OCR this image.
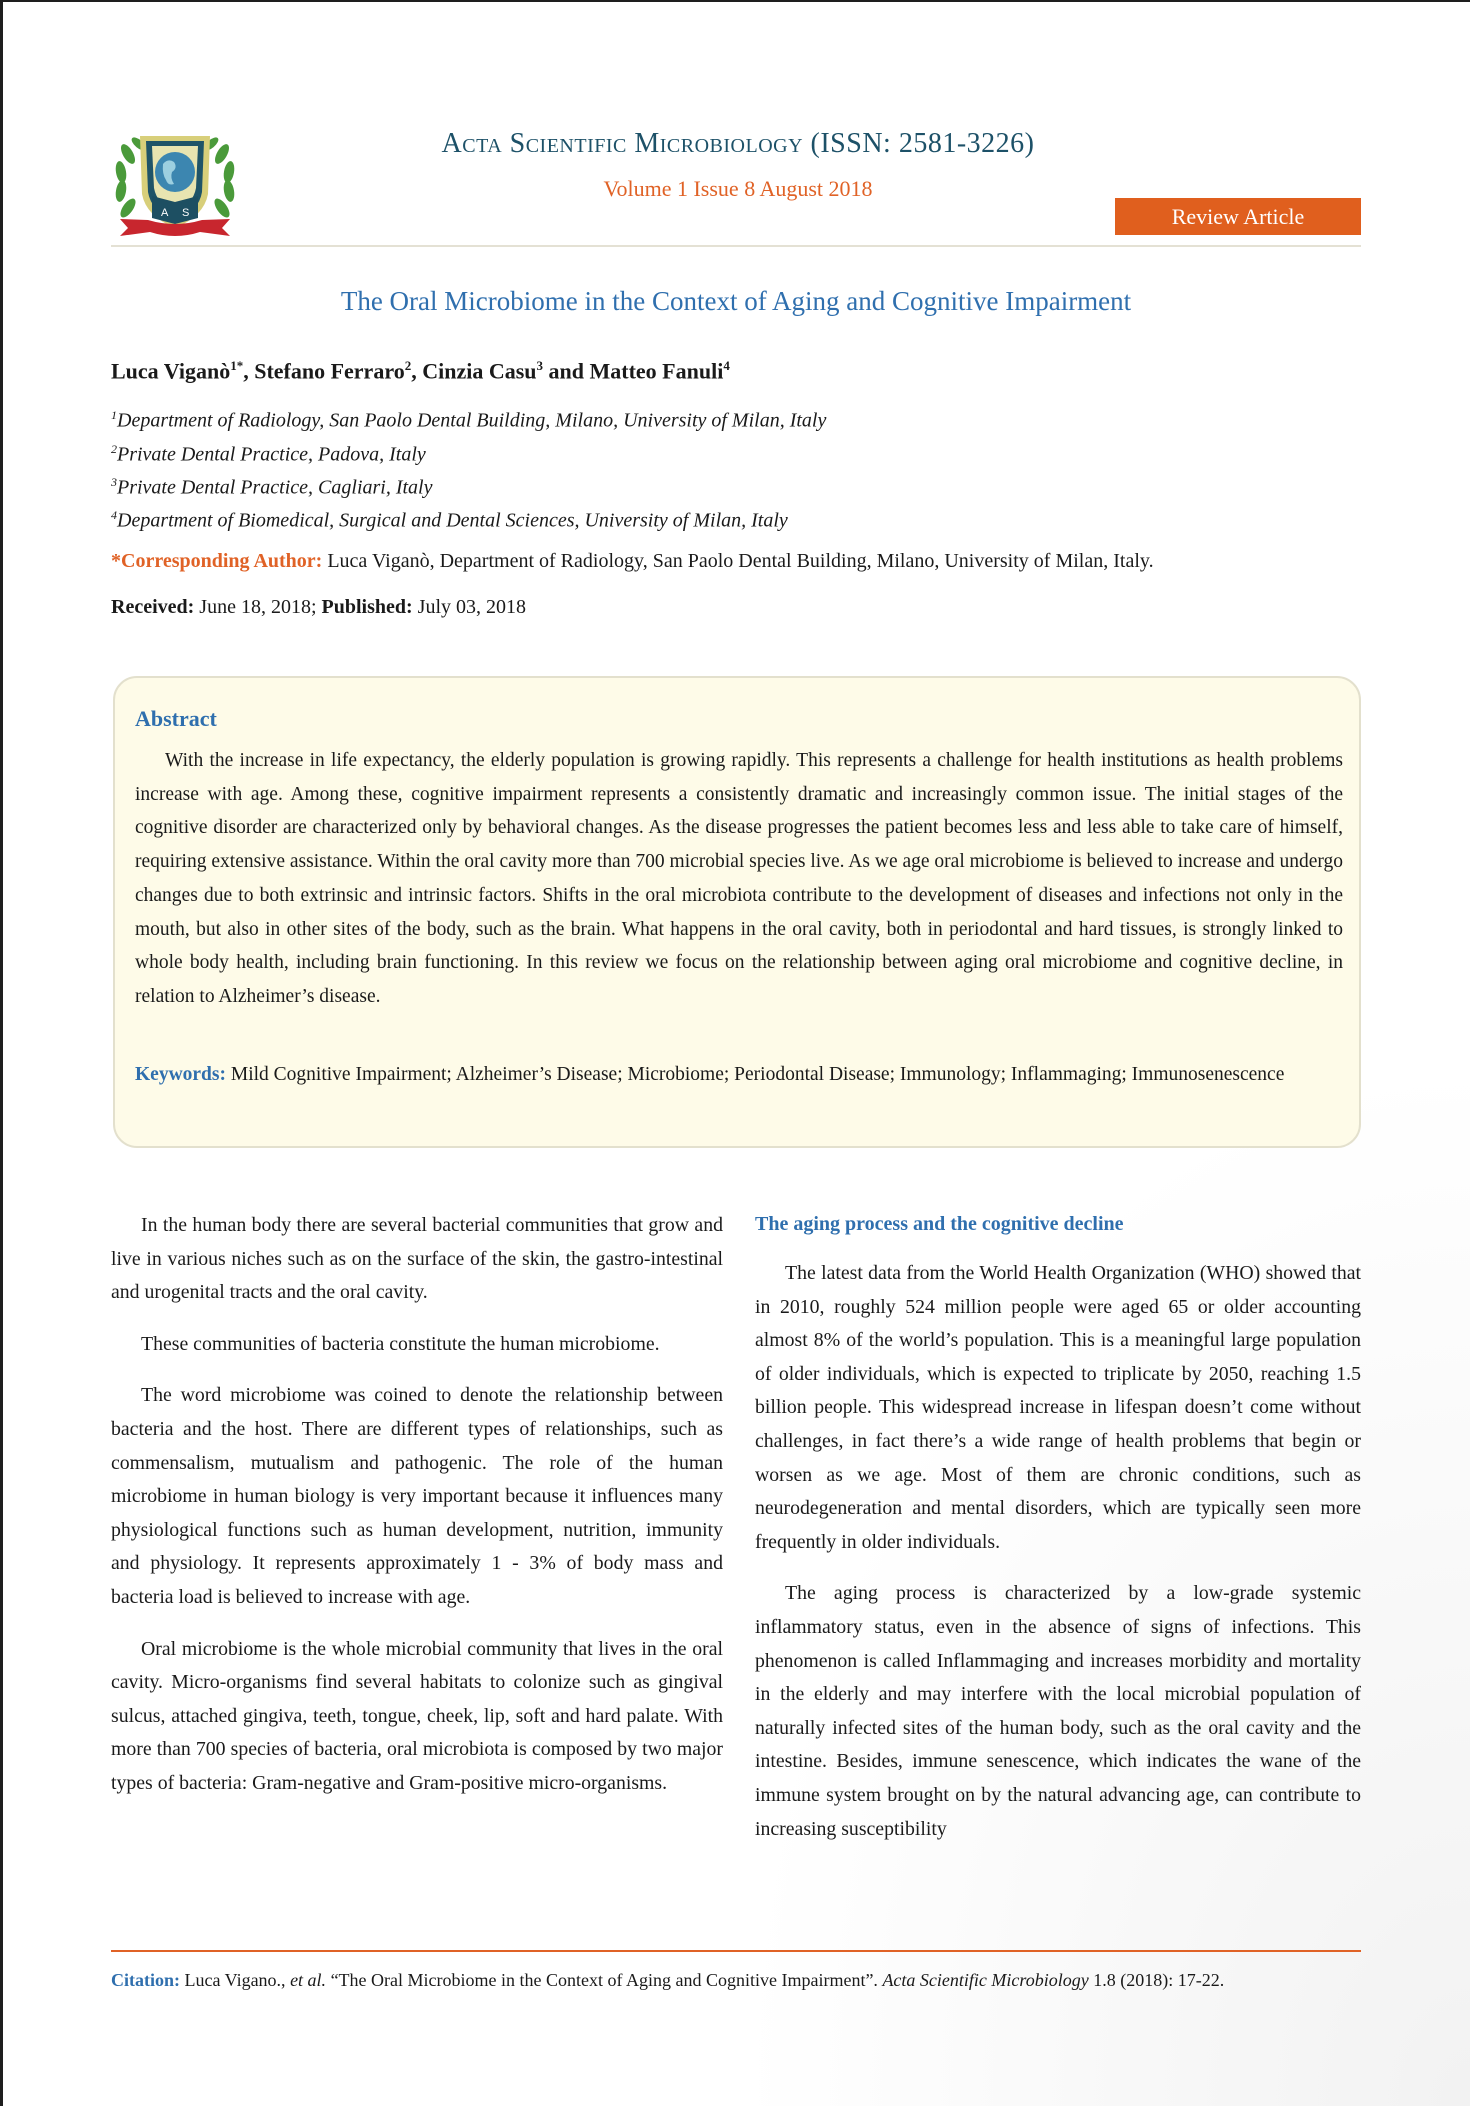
A S
Acta Scientific Microbiology (ISSN: 2581-3226)
Volume 1 Issue 8 August 2018
Review Article
The Oral Microbiome in the Context of Aging and Cognitive Impairment
Luca Viganò$^{1*}$, Stefano Ferraro$^2$, Cinzia Casu$^3$ and Matteo Fanuli$^4$
$^1$Department of Radiology, San Paolo Dental Building, Milano, University of Milan, Italy
$^2$Private Dental Practice, Padova, Italy
$^3$Private Dental Practice, Cagliari, Italy
$^4$Department of Biomedical, Surgical and Dental Sciences, University of Milan, Italy
*Corresponding Author: Luca Viganò, Department of Radiology, San Paolo Dental Building, Milano, University of Milan, Italy.
Received: June 18, 2018; Published: July 03, 2018
Abstract
With the increase in life expectancy, the elderly population is growing rapidly. This represents a challenge for health institutions as health problems increase with age. Among these, cognitive impairment represents a consistently dramatic and increasingly common issue. The initial stages of the cognitive disorder are characterized only by behavioral changes. As the disease progresses the patient becomes less and less able to take care of himself, requiring extensive assistance. Within the oral cavity more than 700 microbial species live. As we age oral microbiome is believed to increase and undergo changes due to both extrinsic and intrinsic factors. Shifts in the oral microbiota contribute to the development of diseases and infections not only in the mouth, but also in other sites of the body, such as the brain. What happens in the oral cavity, both in periodontal and hard tissues, is strongly linked to whole body health, including brain functioning. In this review we focus on the relationship between aging oral microbiome and cognitive decline, in relation to Alzheimer’s disease.
Keywords: Mild Cognitive Impairment; Alzheimer’s Disease; Microbiome; Periodontal Disease; Immunology; Inflammaging; Immunosenescence

In the human body there are several bacterial communities that grow and live in various niches such as on the surface of the skin, the gastro-intestinal and urogenital tracts and the oral cavity.

These communities of bacteria constitute the human microbiome.

The word microbiome was coined to denote the relationship between bacteria and the host. There are different types of relationships, such as commensalism, mutualism and pathogenic. The role of the human microbiome in human biology is very important because it influences many physiological functions such as human development, nutrition, immunity and physiology. It represents approximately 1 - 3% of body mass and bacteria load is believed to increase with age.

Oral microbiome is the whole microbial community that lives in the oral cavity. Micro-organisms find several habitats to colonize such as gingival sulcus, attached gingiva, teeth, tongue, cheek, lip, soft and hard palate. With more than 700 species of bacteria, oral microbiota is composed by two major types of bacteria: Gram-negative and Gram-positive micro-organisms.

The aging process and the cognitive decline

The latest data from the World Health Organization (WHO) showed that in 2010, roughly 524 million people were aged 65 or older accounting almost 8% of the world’s population. This is a meaningful large population of older individuals, which is expected to triplicate by 2050, reaching 1.5 billion people. This widespread increase in lifespan doesn’t come without challenges, in fact there’s a wide range of health problems that begin or worsen as we age. Most of them are chronic conditions, such as neurodegeneration and mental disorders, which are typically seen more frequently in older individuals.

The aging process is characterized by a low-grade systemic inflammatory status, even in the absence of signs of infections. This phenomenon is called Inflammaging and increases morbidity and mortality in the elderly and may interfere with the local microbial population of naturally infected sites of the human body, such as the oral cavity and the intestine. Besides, immune senescence, which indicates the wane of the immune system brought on by the natural advancing age, can contribute to increasing susceptibility

Citation: Luca Vigano., et al. “The Oral Microbiome in the Context of Aging and Cognitive Impairment”. Acta Scientific Microbiology 1.8 (2018): 17-22.
